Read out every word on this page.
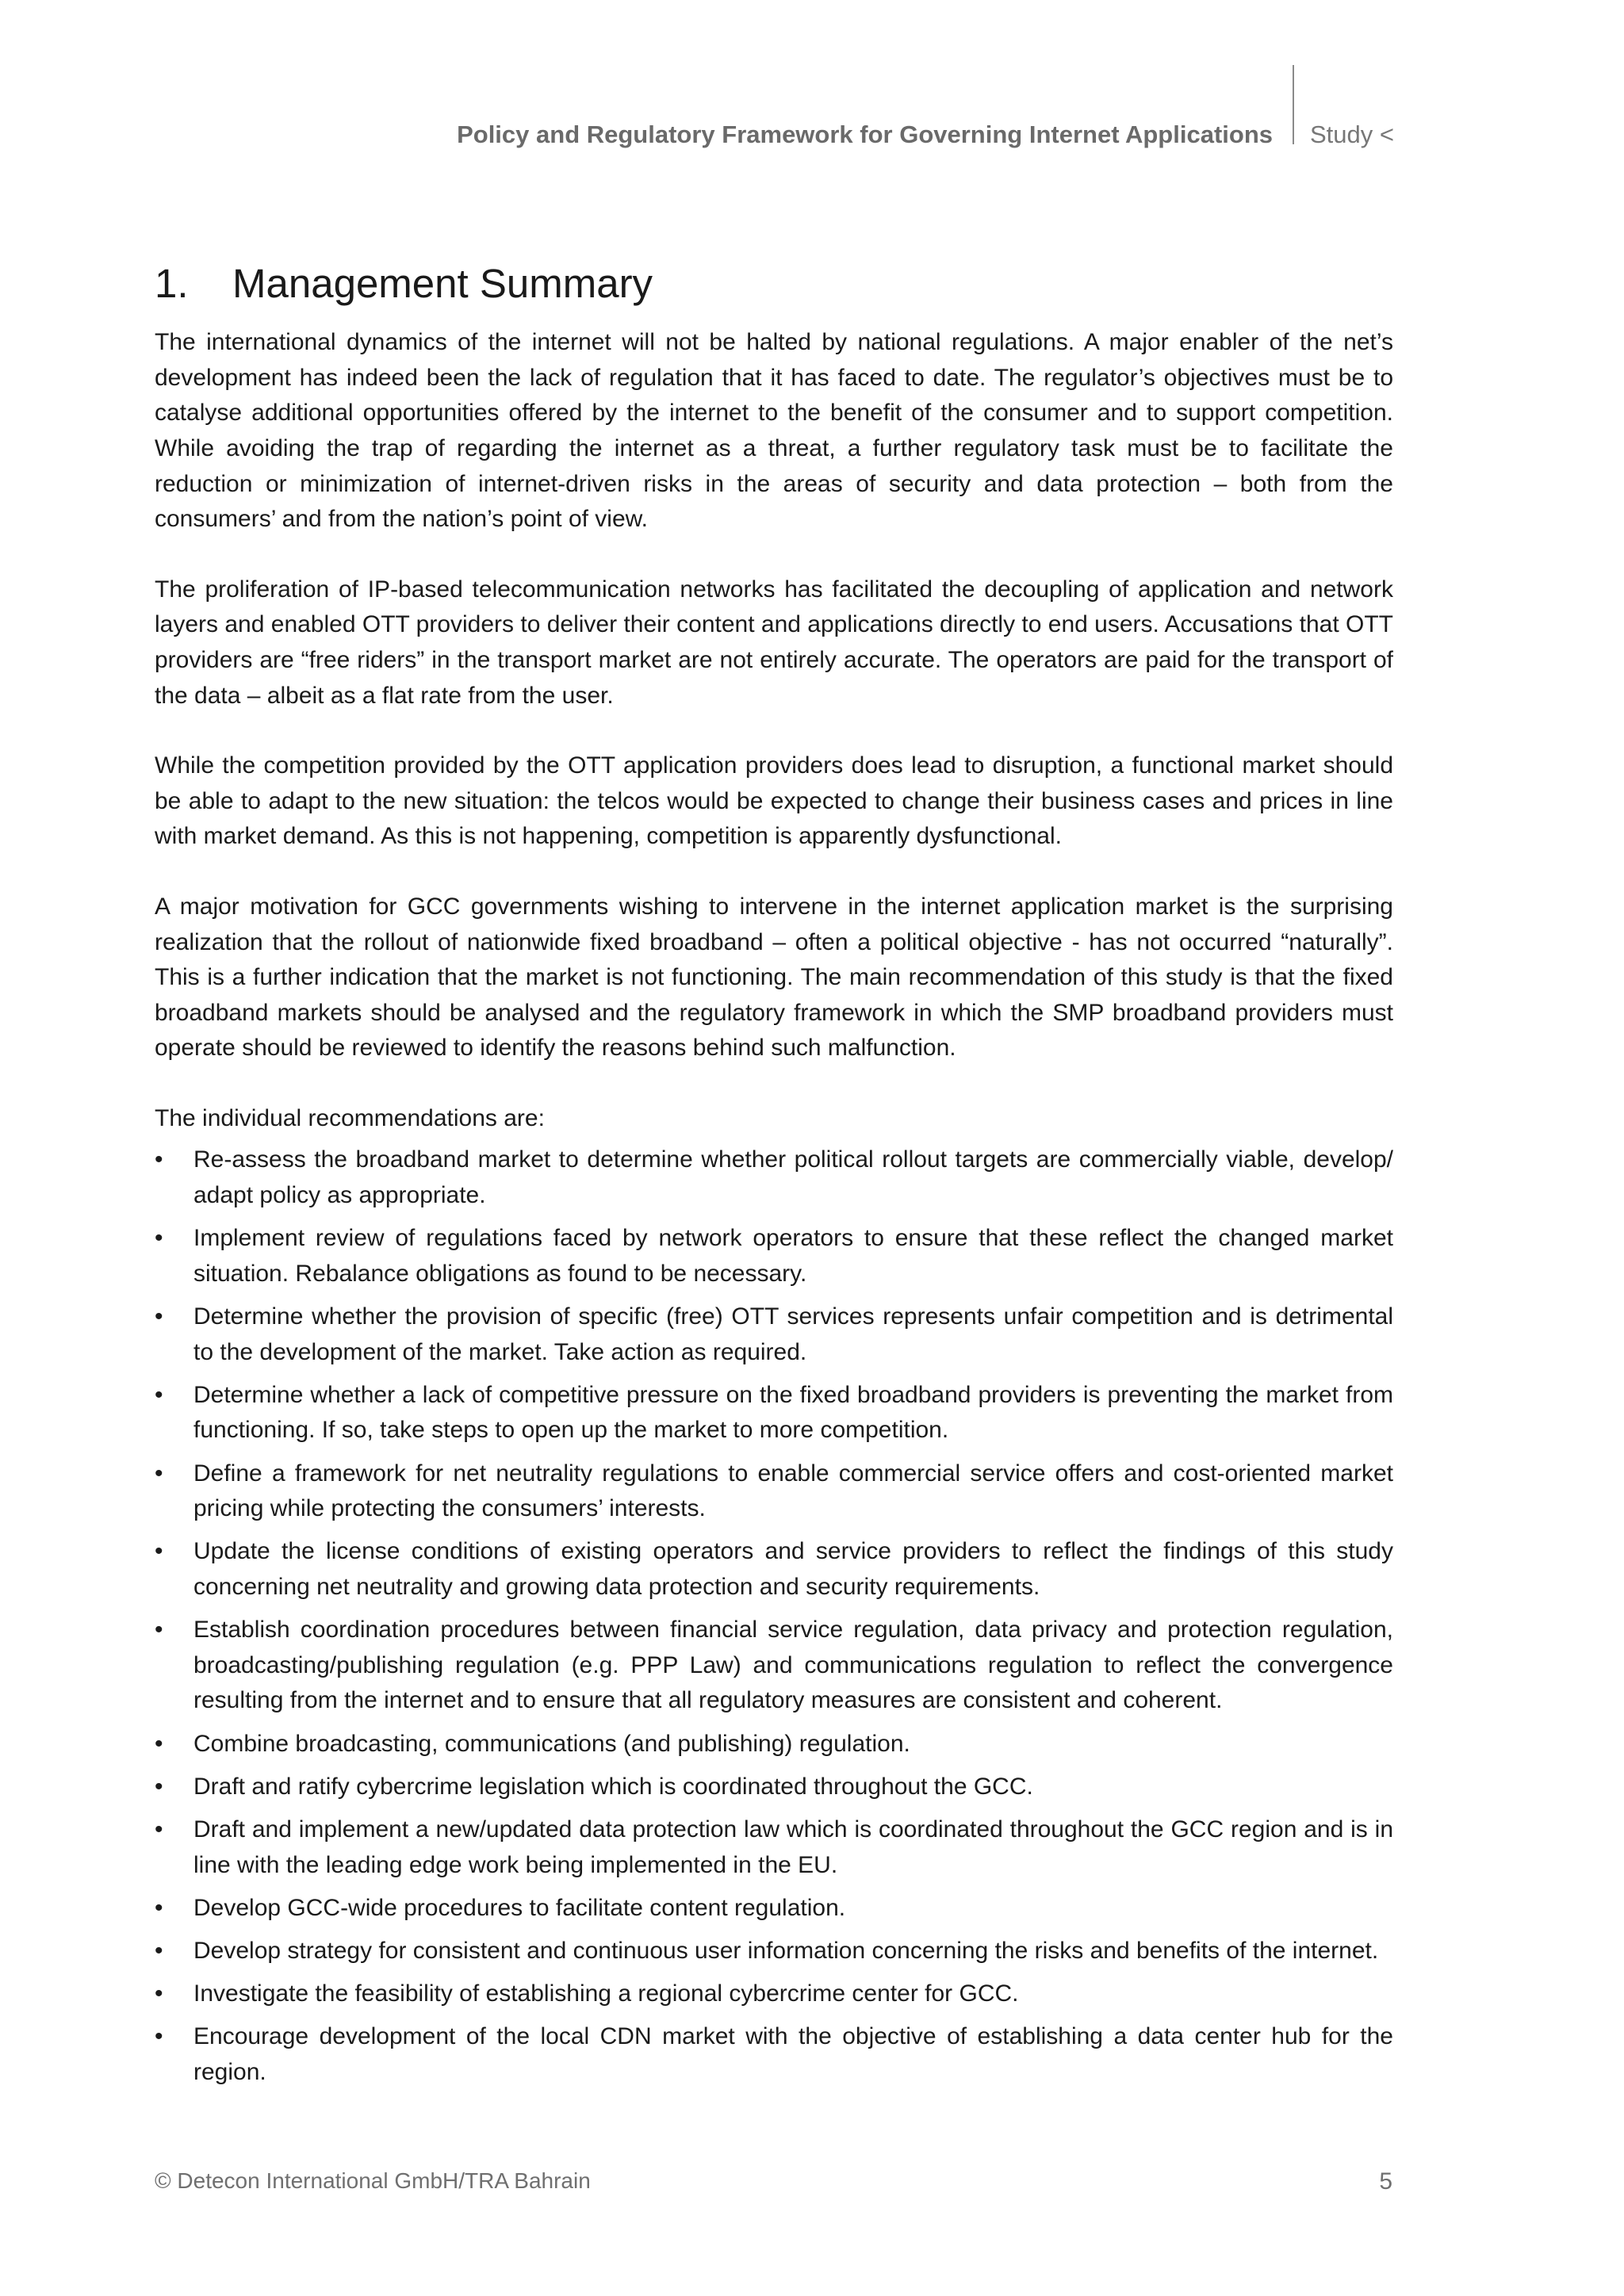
Policy and Regulatory Framework for Governing Internet Applications Study <
1.	Management Summary

The international dynamics of the internet will not be halted by national regulations. A major enabler of the net’s development has indeed been the lack of regulation that it has faced to date. The regulator’s objectives must be to catalyse additional opportunities offered by the internet to the benefit of the consumer and to support competition. While avoiding the trap of regarding the internet as a threat, a further regulatory task must be to facilitate the reduction or minimization of internet-driven risks in the areas of security and data protection – both from the consumers’ and from the nation’s point of view.

The proliferation of IP-based telecommunication networks has facilitated the decoupling of application and network layers and enabled OTT providers to deliver their content and applications directly to end users. Accusations that OTT providers are “free riders” in the transport market are not entirely accurate. The operators are paid for the transport of the data – albeit as a flat rate from the user.

While the competition provided by the OTT application providers does lead to disruption, a functional market should be able to adapt to the new situation: the telcos would be expected to change their business cases and prices in line with market demand. As this is not happening, competition is apparently dysfunctional.

A major motivation for GCC governments wishing to intervene in the internet application market is the surprising realization that the rollout of nationwide fixed broadband – often a political objective - has not occurred “naturally”. This is a further indication that the market is not functioning. The main recommendation of this study is that the fixed broadband markets should be analysed and the regulatory framework in which the SMP broadband providers must operate should be reviewed to identify the reasons behind such malfunction.

The individual recommendations are:

•	Re-assess the broadband market to determine whether political rollout targets are commercially viable, develop/​adapt policy as appropriate.
•	Implement review of regulations faced by network operators to ensure that these reflect the changed market situation. Rebalance obligations as found to be necessary.
•	Determine whether the provision of specific (free) OTT services represents unfair competition and is detrimental to the development of the market. Take action as required.
•	Determine whether a lack of competitive pressure on the fixed broadband providers is preventing the market from functioning. If so, take steps to open up the market to more competition.
•	Define a framework for net neutrality regulations to enable commercial service offers and cost-oriented market pricing while protecting the consumers’ interests.
•	Update the license conditions of existing operators and service providers to reflect the findings of this study concerning net neutrality and growing data protection and security requirements.
•	Establish coordination procedures between financial service regulation, data privacy and protection regulation, broadcasting/publishing regulation (e.g. PPP Law) and communications regulation to reflect the convergence resulting from the internet and to ensure that all regulatory measures are consistent and coherent.
•	Combine broadcasting, communications (and publishing) regulation.
•	Draft and ratify cybercrime legislation which is coordinated throughout the GCC.
•	Draft and implement a new/updated data protection law which is coordinated throughout the GCC region and is in line with the leading edge work being implemented in the EU.
•	Develop GCC-wide procedures to facilitate content regulation.
•	Develop strategy for consistent and continuous user information concerning the risks and benefits of the internet.
•	Investigate the feasibility of establishing a regional cybercrime center for GCC.
•	Encourage development of the local CDN market with the objective of establishing a data center hub for the region.
© Detecon International GmbH/TRA Bahrain	5
